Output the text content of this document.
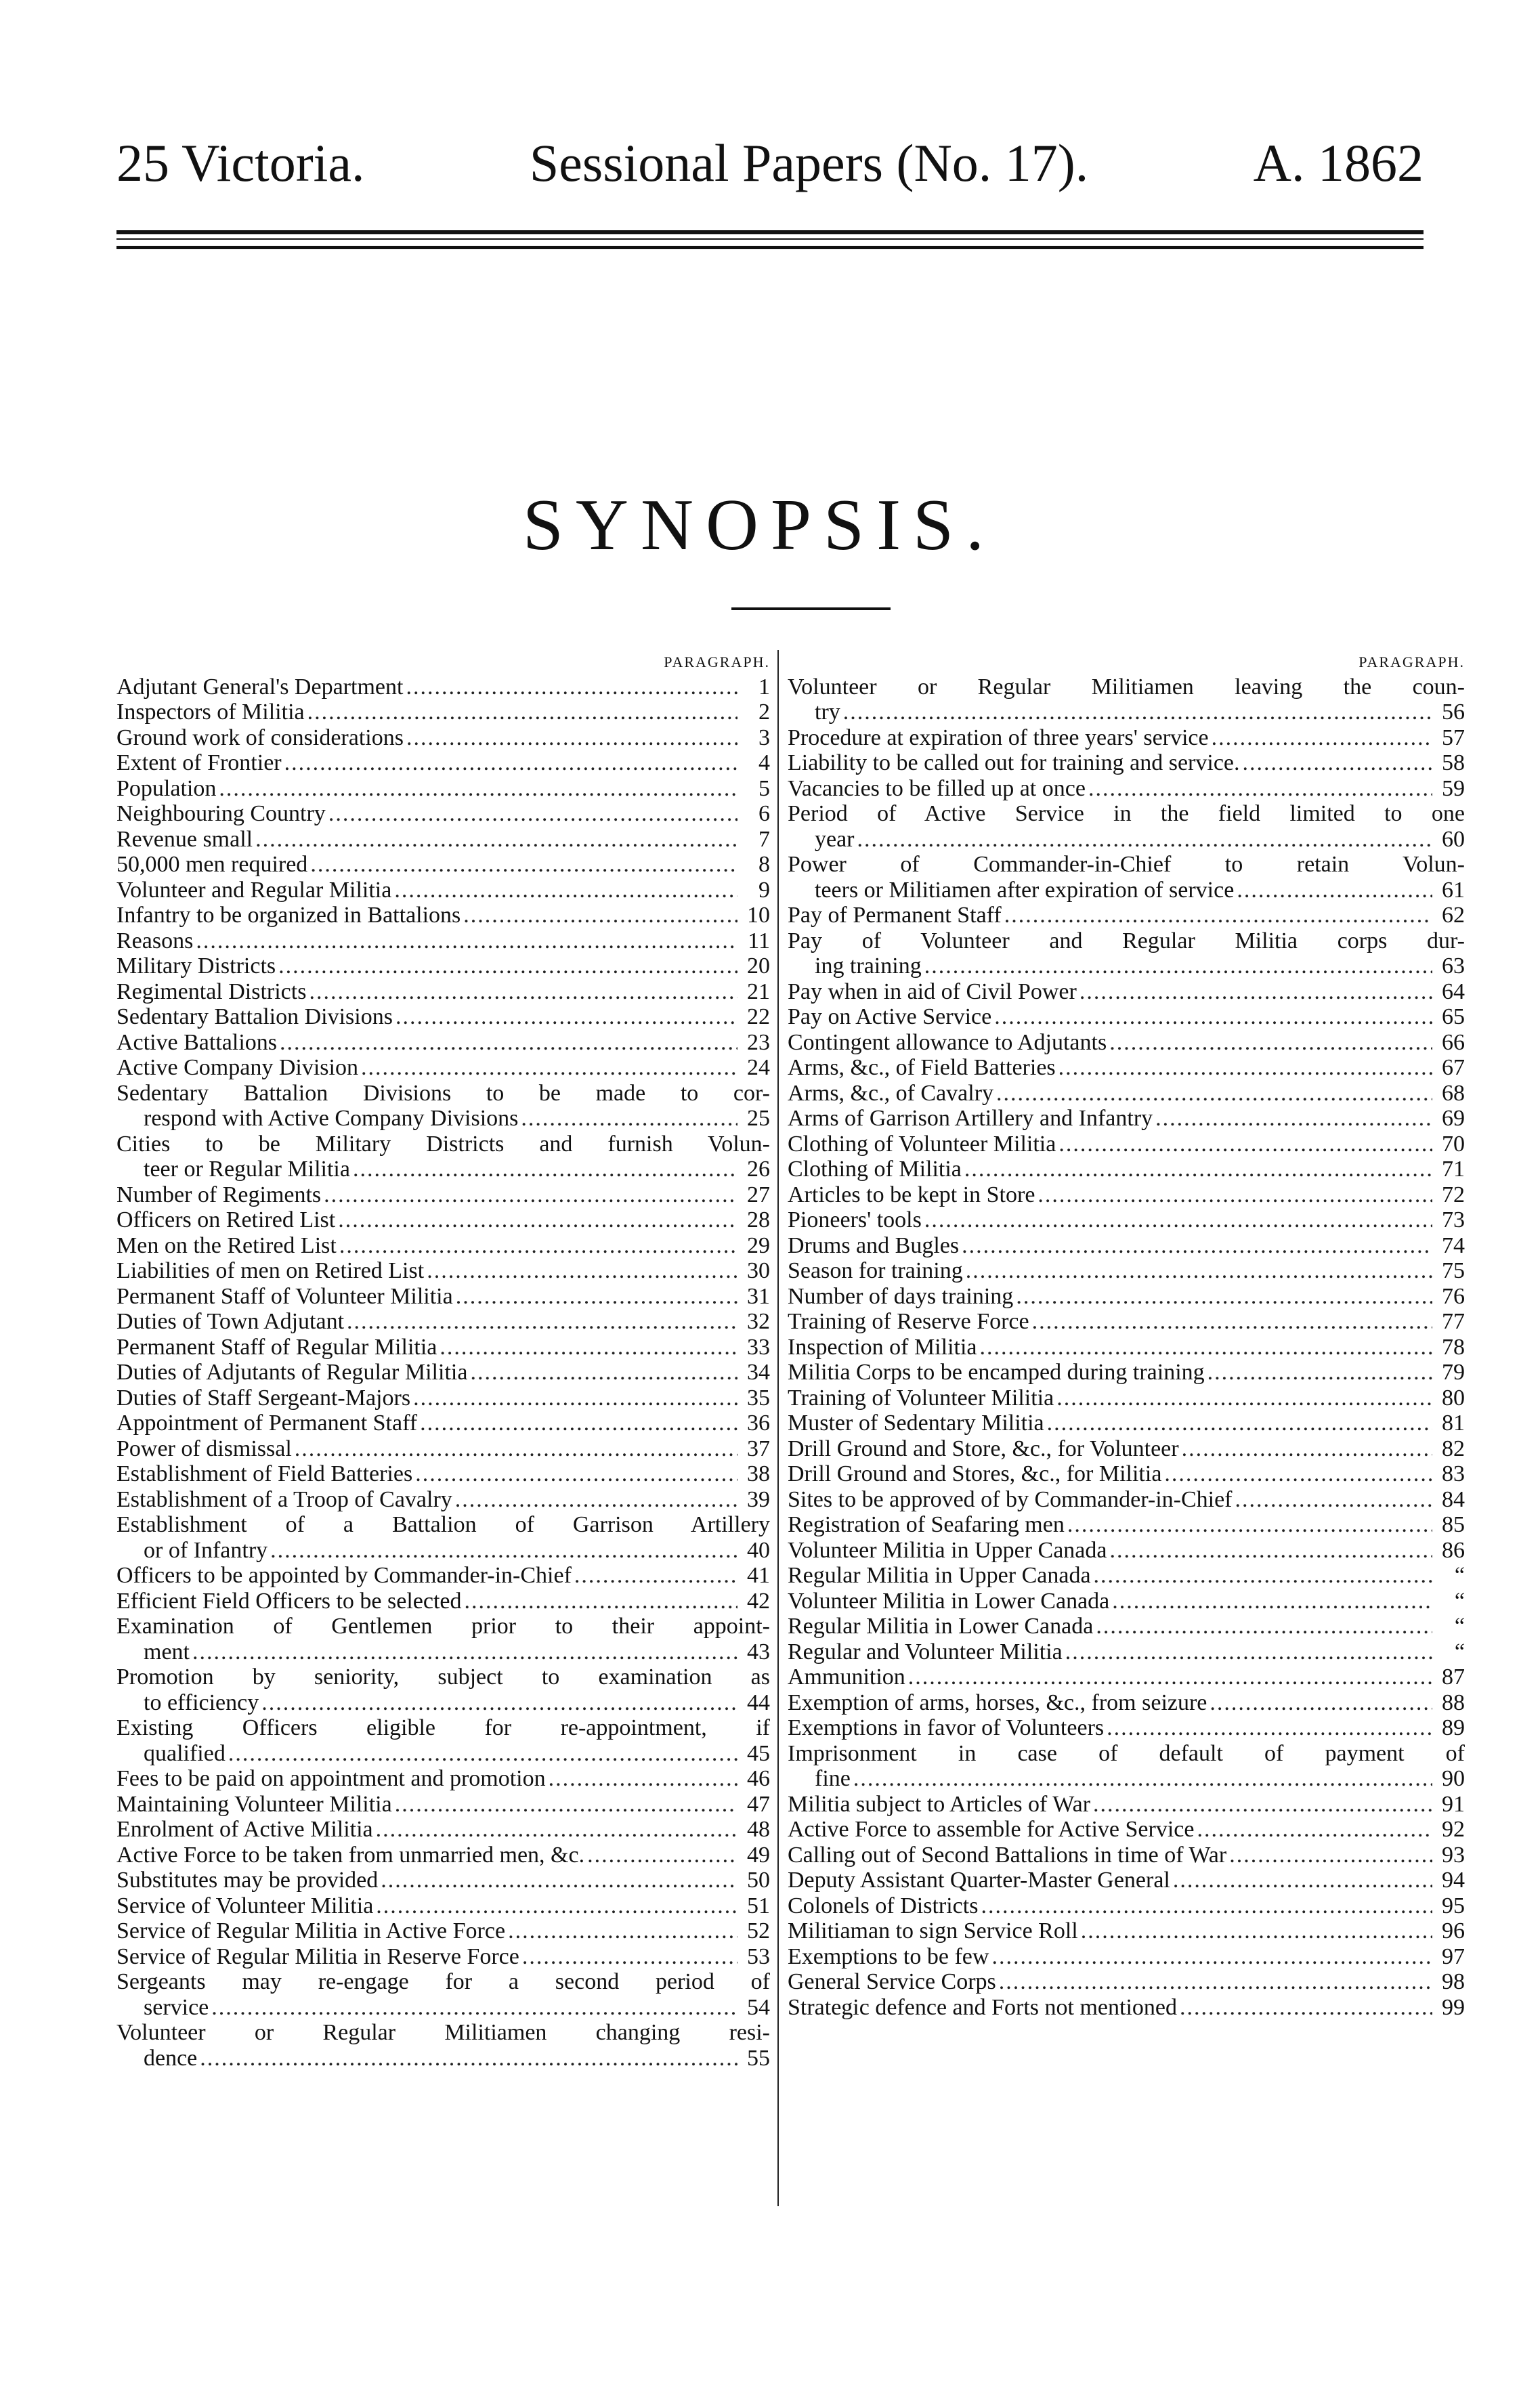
25 Victoria.	Sessional Papers (No. 17).	A. 1862
SYNOPSIS.
PARAGRAPH.
Adjutant General's Department .....	1
Inspectors of Militia .....	2
Ground work of considerations .....	3
Extent of Frontier .....	4
Population .....	5
Neighbouring Country .....	6
Revenue small .....	7
50,000 men required .....	8
Volunteer and Regular Militia .....	9
Infantry to be organized in Battalions .....	10
Reasons .....	11
Military Districts .....	20
Regimental Districts .....	21
Sedentary Battalion Divisions .....	22
Active Battalions .....	23
Active Company Division .....	24
Sedentary Battalion Divisions to be made to cor-
respond with Active Company Divisions .....	25
Cities to be Military Districts and furnish Volun-
teer or Regular Militia .....	26
Number of Regiments .....	27
Officers on Retired List .....	28
Men on the Retired List .....	29
Liabilities of men on Retired List .....	30
Permanent Staff of Volunteer Militia .....	31
Duties of Town Adjutant .....	32
Permanent Staff of Regular Militia .....	33
Duties of Adjutants of Regular Militia .....	34
Duties of Staff Sergeant-Majors .....	35
Appointment of Permanent Staff .....	36
Power of dismissal .....	37
Establishment of Field Batteries .....	38
Establishment of a Troop of Cavalry .....	39
Establishment of a Battalion of Garrison Artillery
or of Infantry .....	40
Officers to be appointed by Commander-in-Chief .....	41
Efficient Field Officers to be selected .....	42
Examination of Gentlemen prior to their appoint-
ment .....	43
Promotion by seniority, subject to examination as
to efficiency .....	44
Existing Officers eligible for re-appointment, if
qualified .....	45
Fees to be paid on appointment and promotion .....	46
Maintaining Volunteer Militia .....	47
Enrolment of Active Militia .....	48
Active Force to be taken from unmarried men, &c. .....	49
Substitutes may be provided .....	50
Service of Volunteer Militia .....	51
Service of Regular Militia in Active Force .....	52
Service of Regular Militia in Reserve Force .....	53
Sergeants may re-engage for a second period of
service .....	54
Volunteer or Regular Militiamen changing resi-
dence .....	55
PARAGRAPH.
Volunteer or Regular Militiamen leaving the coun-
try .....	56
Procedure at expiration of three years' service .....	57
Liability to be called out for training and service. .....	58
Vacancies to be filled up at once .....	59
Period of Active Service in the field limited to one
year .....	60
Power of Commander-in-Chief to retain Volun-
teers or Militiamen after expiration of service .....	61
Pay of Permanent Staff .....	62
Pay of Volunteer and Regular Militia corps dur-
ing training .....	63
Pay when in aid of Civil Power .....	64
Pay on Active Service .....	65
Contingent allowance to Adjutants .....	66
Arms, &c., of Field Batteries .....	67
Arms, &c., of Cavalry .....	68
Arms of Garrison Artillery and Infantry .....	69
Clothing of Volunteer Militia .....	70
Clothing of Militia .....	71
Articles to be kept in Store .....	72
Pioneers' tools .....	73
Drums and Bugles .....	74
Season for training .....	75
Number of days training .....	76
Training of Reserve Force .....	77
Inspection of Militia .....	78
Militia Corps to be encamped during training .....	79
Training of Volunteer Militia .....	80
Muster of Sedentary Militia .....	81
Drill Ground and Store, &c., for Volunteer .....	82
Drill Ground and Stores, &c., for Militia .....	83
Sites to be approved of by Commander-in-Chief .....	84
Registration of Seafaring men .....	85
Volunteer Militia in Upper Canada .....	86
Regular Militia in Upper Canada .....	“
Volunteer Militia in Lower Canada .....	“
Regular Militia in Lower Canada .....	“
Regular and Volunteer Militia .....	“
Ammunition .....	87
Exemption of arms, horses, &c., from seizure .....	88
Exemptions in favor of Volunteers .....	89
Imprisonment in case of default of payment of
fine .....	90
Militia subject to Articles of War .....	91
Active Force to assemble for Active Service .....	92
Calling out of Second Battalions in time of War .....	93
Deputy Assistant Quarter-Master General .....	94
Colonels of Districts .....	95
Militiaman to sign Service Roll .....	96
Exemptions to be few .....	97
General Service Corps .....	98
Strategic defence and Forts not mentioned .....	99
